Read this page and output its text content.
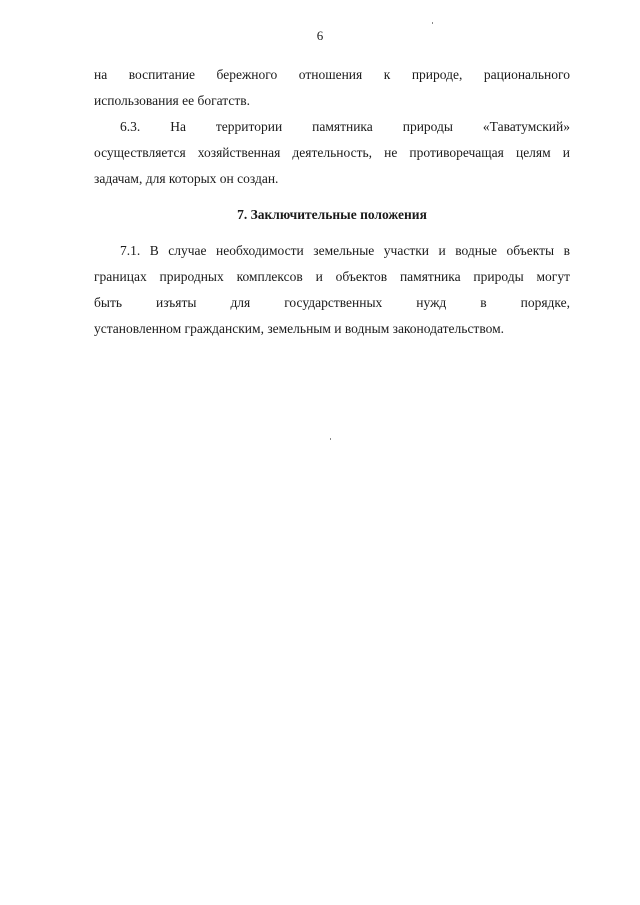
6

на воспитание бережного отношения к природе, рационального
использования ее богатств.

6.3. На территории памятника природы «Таватумский»
осуществляется хозяйственная деятельность, не противоречащая целям и
задачам, для которых он создан.

7. Заключительные положения

7.1. В случае необходимости земельные участки и водные объекты в
границах природных комплексов и объектов памятника природы могут
быть изъяты для государственных нужд в порядке,
установленном гражданским, земельным и водным законодательством.
